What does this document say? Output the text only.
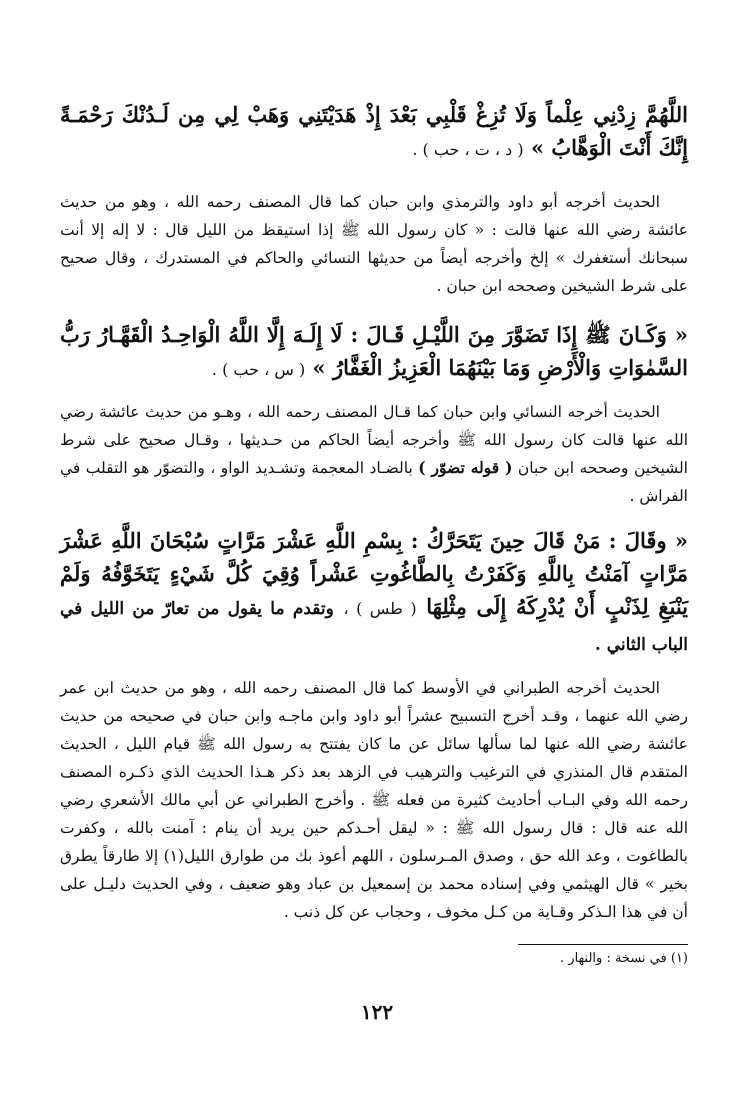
اللَّهُمَّ زِدْنِي عِلْماً وَلَا تُزِغْ قَلْبِي بَعْدَ إِذْ هَدَيْتَنِي وَهَبْ لِي مِن لَـدُنْكَ رَحْمَـةً إِنَّكَ أَنْتَ الْوَهَّابُ » ( د ، ت ، حب ) .

الحديث أخرجه أبو داود والترمذي وابن حبان كما قال المصنف رحمه الله ، وهو من حديث عائشة رضي الله عنها قالت : « كان رسول الله ﷺ إذا استيقظ من الليل قال : لا إله إلا أنت سبحانك أستغفرك » إلخ وأخرجه أيضاً من حديثها النسائي والحاكم في المستدرك ، وقال صحيح على شرط الشيخين وصححه ابن حبان .

« وَكَـانَ ﷺ إِذَا تَضَوَّرَ مِنَ اللَّيْـلِ قَـالَ : لَا إِلَـهَ إِلَّا اللَّهُ الْوَاحِـدُ الْقَهَّـارُ رَبُّ السَّمٰوَاتِ وَالْأَرْضِ وَمَا بَيْنَهُمَا الْعَزِيزُ الْغَفَّارُ » ( س ، حب ) .

الحديث أخرجه النسائي وابن حبان كما قـال المصنف رحمه الله ، وهـو من حديث عائشة رضي الله عنها قالت كان رسول الله ﷺ وأخرجه أيضاً الحاكم من حـديثها ، وقـال صحيح على شرط الشيخين وصححه ابن حبان ( قوله تضوّر ) بالضـاد المعجمة وتشـديد الواو ، والتضوّر هو التقلب في الفراش .

« وقَالَ : مَنْ قَالَ حِينَ يَتَحَرَّكُ : بِسْمِ اللَّهِ عَشْرَ مَرَّاتٍ سُبْحَانَ اللَّهِ عَشْرَ مَرَّاتٍ آمَنْتُ بِاللَّهِ وَكَفَرْتُ بِالطَّاغُوتِ عَشْراً وُقِيَ كُلَّ شَيْءٍ يَتَخَوَّفُهُ وَلَمْ يَنْبَغِ لِذَنْبٍ أَنْ يُدْرِكَهُ إِلَى مِثْلِهَا ( طس ) ، وتقدم ما يقول من تعارّ من الليل في الباب الثاني .

الحديث أخرجه الطبراني في الأوسط كما قال المصنف رحمه الله ، وهو من حديث ابن عمر رضي الله عنهما ، وقـد أخرج التسبيح عشراً أبو داود وابن ماجـه وابن حبان في صحيحه من حديث عائشة رضي الله عنها لما سألها سائل عن ما كان يفتتح به رسول الله ﷺ قيام الليل ، الحديث المتقدم قال المنذري في الترغيب والترهيب في الزهد بعد ذكر هـذا الحديث الذي ذكـره المصنف رحمه الله وفي البـاب أحاديث كثيرة من فعله ﷺ . وأخرج الطبراني عن أبي مالك الأشعري رضي الله عنه قال : قال رسول الله ﷺ : « ليقل أحـدكم حين يريد أن ينام : آمنت بالله ، وكفرت بالطاغوت ، وعد الله حق ، وصدق المـرسلون ، اللهم أعوذ بك من طوارق الليل(١) إلا طارقاً يطرق بخير » قال الهيثمي وفي إسناده محمد بن إسمعيل بن عباد وهو ضعيف ، وفي الحديث دليـل على أن في هذا الـذكر وقـاية من كـل مخوف ، وحجاب عن كل ذنب .

(١) في نسخة : والنهار .
١٢٢
